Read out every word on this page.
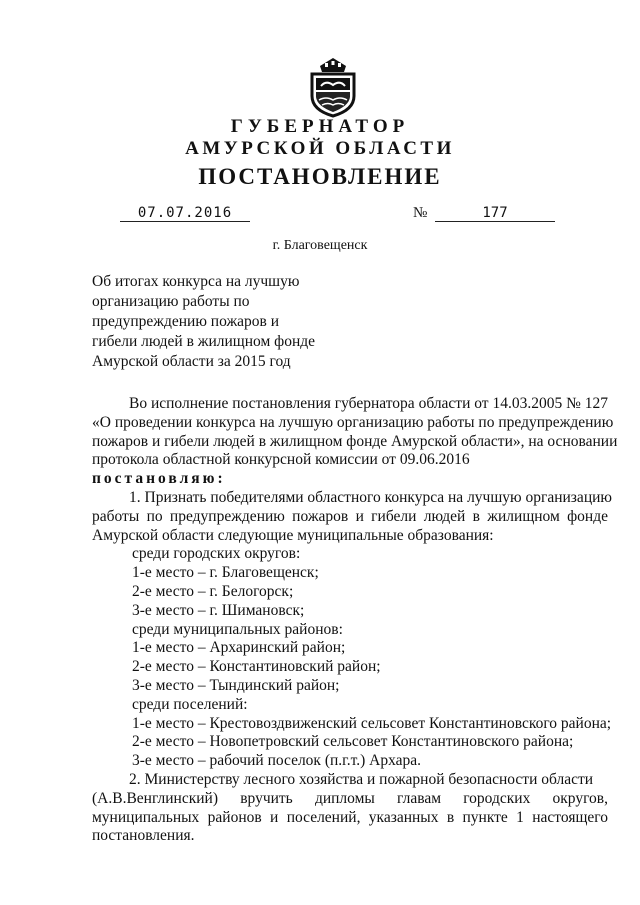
ГУБЕРНАТОР
АМУРСКОЙ ОБЛАСТИ
ПОСТАНОВЛЕНИЕ
07.07.2016	№	177
г. Благовещенск
Об итогах конкурса на лучшую
организацию работы по
предупреждению пожаров и
гибели людей в жилищном фонде
Амурской области за 2015 год
Во исполнение постановления губернатора области от 14.03.2005 № 127
«О проведении конкурса на лучшую организацию работы по предупреждению
пожаров и гибели людей в жилищном фонде Амурской области», на основании
протокола областной конкурсной комиссии от 09.06.2016
постановляю:
1. Признать победителями областного конкурса на лучшую организацию
работы по предупреждению пожаров и гибели людей в жилищном фонде
Амурской области следующие муниципальные образования:
среди городских округов:
1-е место – г. Благовещенск;
2-е место – г. Белогорск;
3-е место – г. Шимановск;
среди муниципальных районов:
1-е место – Архаринский район;
2-е место – Константиновский район;
3-е место – Тындинский район;
среди поселений:
1-е место – Крестовоздвиженский сельсовет Константиновского района;
2-е место – Новопетровский сельсовет Константиновского района;
3-е место – рабочий поселок (п.г.т.) Архара.
2. Министерству лесного хозяйства и пожарной безопасности области
(А.В.Венглинский) вручить дипломы главам городских округов,
муниципальных районов и поселений, указанных в пункте 1 настоящего
постановления.
